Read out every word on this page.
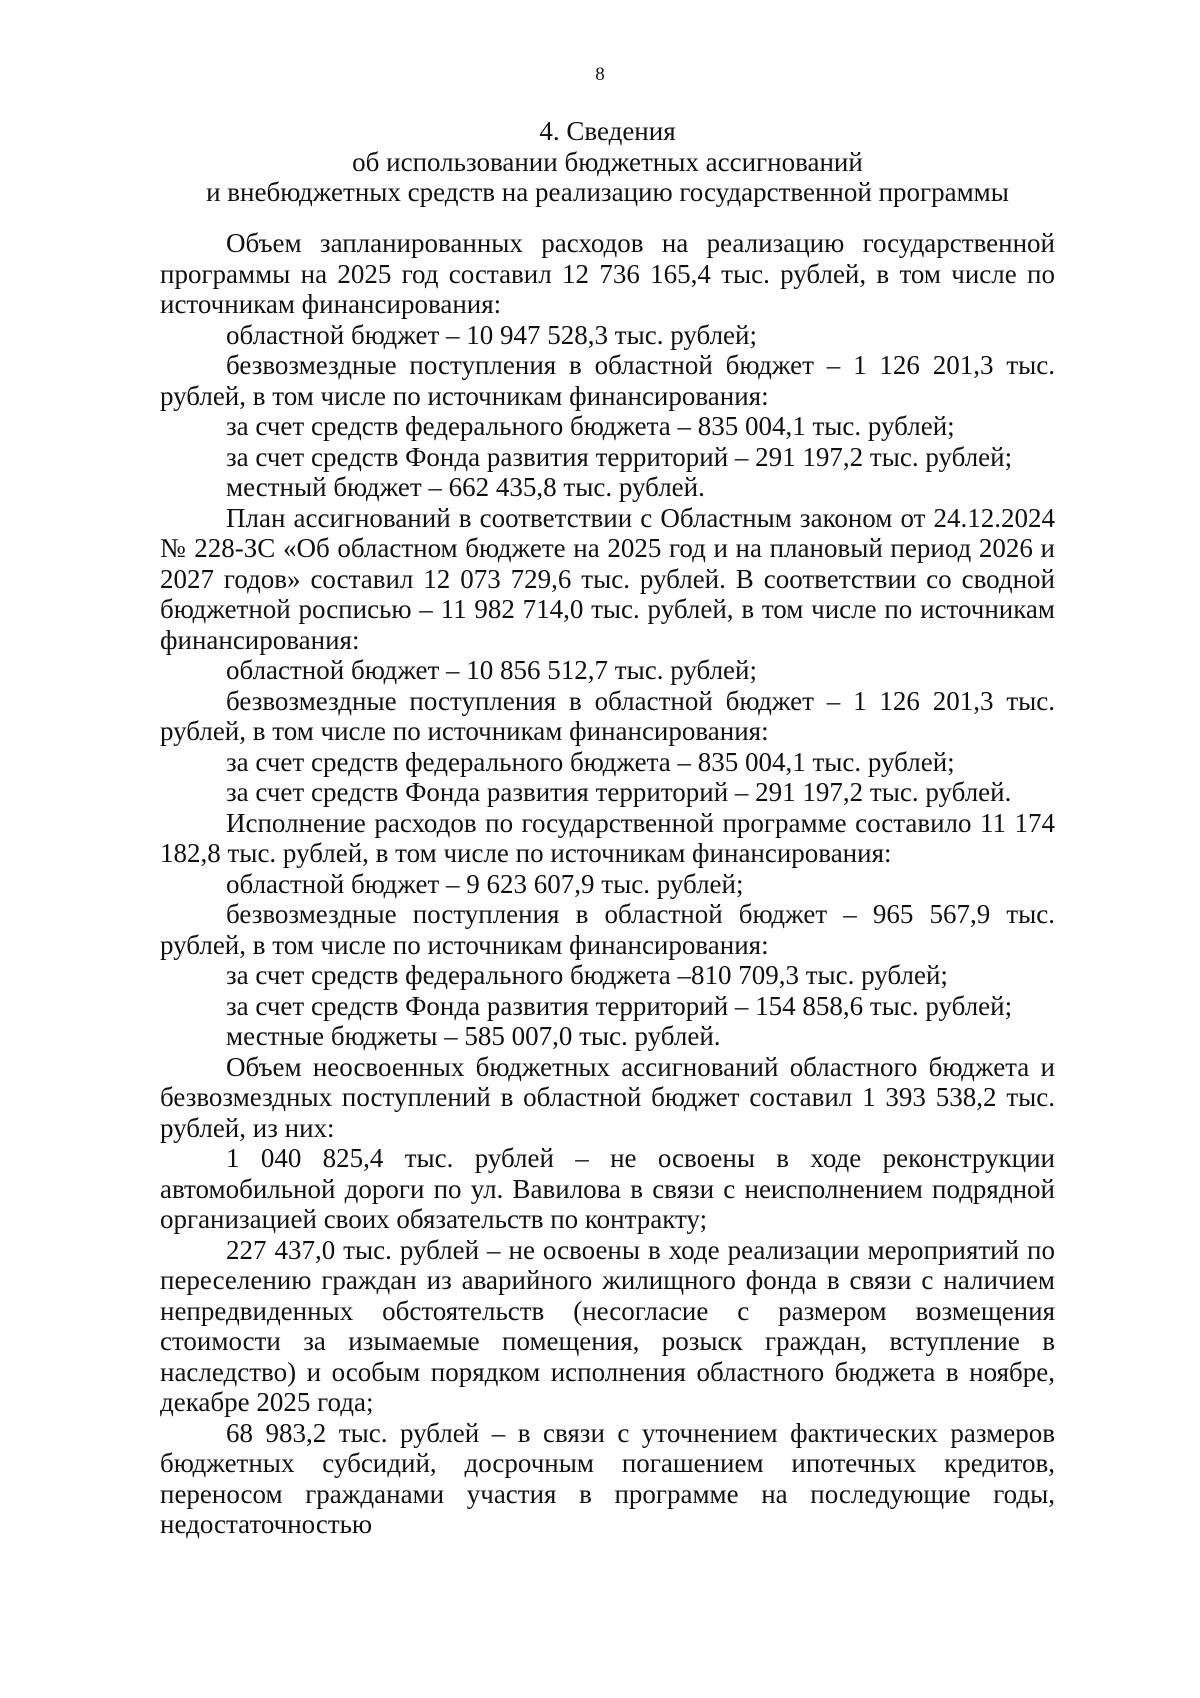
8
4. Сведения
об использовании бюджетных ассигнований
и внебюджетных средств на реализацию государственной программы

Объем запланированных расходов на реализацию государственной программы на 2025 год составил 12 736 165,4 тыс. рублей, в том числе по источникам финансирования:

областной бюджет – 10 947 528,3 тыс. рублей;

безвозмездные поступления в областной бюджет – 1 126 201,3 тыс. рублей, в том числе по источникам финансирования:

за счет средств федерального бюджета – 835 004,1 тыс. рублей;

за счет средств Фонда развития территорий – 291 197,2 тыс. рублей;

местный бюджет – 662 435,8 тыс. рублей.

План ассигнований в соответствии с Областным законом от 24.12.2024 № 228-ЗС «Об областном бюджете на 2025 год и на плановый период 2026 и 2027 годов» составил 12 073 729,6 тыс. рублей. В соответствии со сводной бюджетной росписью – 11 982 714,0 тыс. рублей, в том числе по источникам финансирования:

областной бюджет – 10 856 512,7 тыс. рублей;

безвозмездные поступления в областной бюджет – 1 126 201,3 тыс. рублей, в том числе по источникам финансирования:

за счет средств федерального бюджета – 835 004,1 тыс. рублей;

за счет средств Фонда развития территорий – 291 197,2 тыс. рублей.

Исполнение расходов по государственной программе составило 11 174 182,8 тыс. рублей, в том числе по источникам финансирования:

областной бюджет – 9 623 607,9 тыс. рублей;

безвозмездные поступления в областной бюджет – 965 567,9 тыс. рублей, в том числе по источникам финансирования:

за счет средств федерального бюджета –810 709,3 тыс. рублей;

за счет средств Фонда развития территорий – 154 858,6 тыс. рублей;

местные бюджеты – 585 007,0 тыс. рублей.

Объем неосвоенных бюджетных ассигнований областного бюджета и безвозмездных поступлений в областной бюджет составил 1 393 538,2 тыс. рублей, из них:

1 040 825,4 тыс. рублей – не освоены в ходе реконструкции автомобильной дороги по ул. Вавилова в связи с неисполнением подрядной организацией своих обязательств по контракту;

227 437,0 тыс. рублей – не освоены в ходе реализации мероприятий по переселению граждан из аварийного жилищного фонда в связи с наличием непредвиденных обстоятельств (несогласие с размером возмещения стоимости за изымаемые помещения, розыск граждан, вступление в наследство) и особым порядком исполнения областного бюджета в ноябре, декабре 2025 года;

68 983,2 тыс. рублей – в связи с уточнением фактических размеров бюджетных субсидий, досрочным погашением ипотечных кредитов, переносом гражданами участия в программе на последующие годы, недостаточностью
